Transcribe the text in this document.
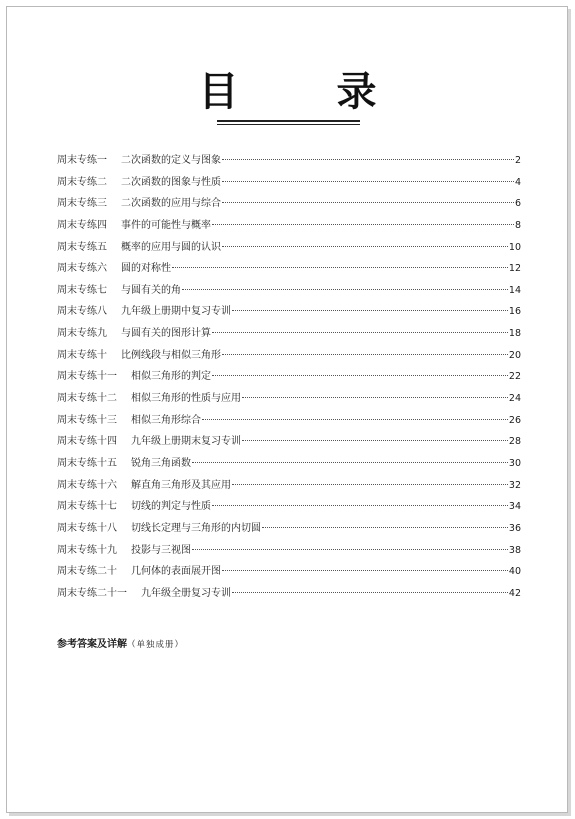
目 录
周末专练一	二次函数的定义与图象	2
周末专练二	二次函数的图象与性质	4
周末专练三	二次函数的应用与综合	6
周末专练四	事件的可能性与概率	8
周末专练五	概率的应用与圆的认识	10
周末专练六	圆的对称性	12
周末专练七	与圆有关的角	14
周末专练八	九年级上册期中复习专训	16
周末专练九	与圆有关的图形计算	18
周末专练十	比例线段与相似三角形	20
周末专练十一	相似三角形的判定	22
周末专练十二	相似三角形的性质与应用	24
周末专练十三	相似三角形综合	26
周末专练十四	九年级上册期末复习专训	28
周末专练十五	锐角三角函数	30
周末专练十六	解直角三角形及其应用	32
周末专练十七	切线的判定与性质	34
周末专练十八	切线长定理与三角形的内切圆	36
周末专练十九	投影与三视图	38
周末专练二十	几何体的表面展开图	40
周末专练二十一	九年级全册复习专训	42
参考答案及详解（单独成册）
